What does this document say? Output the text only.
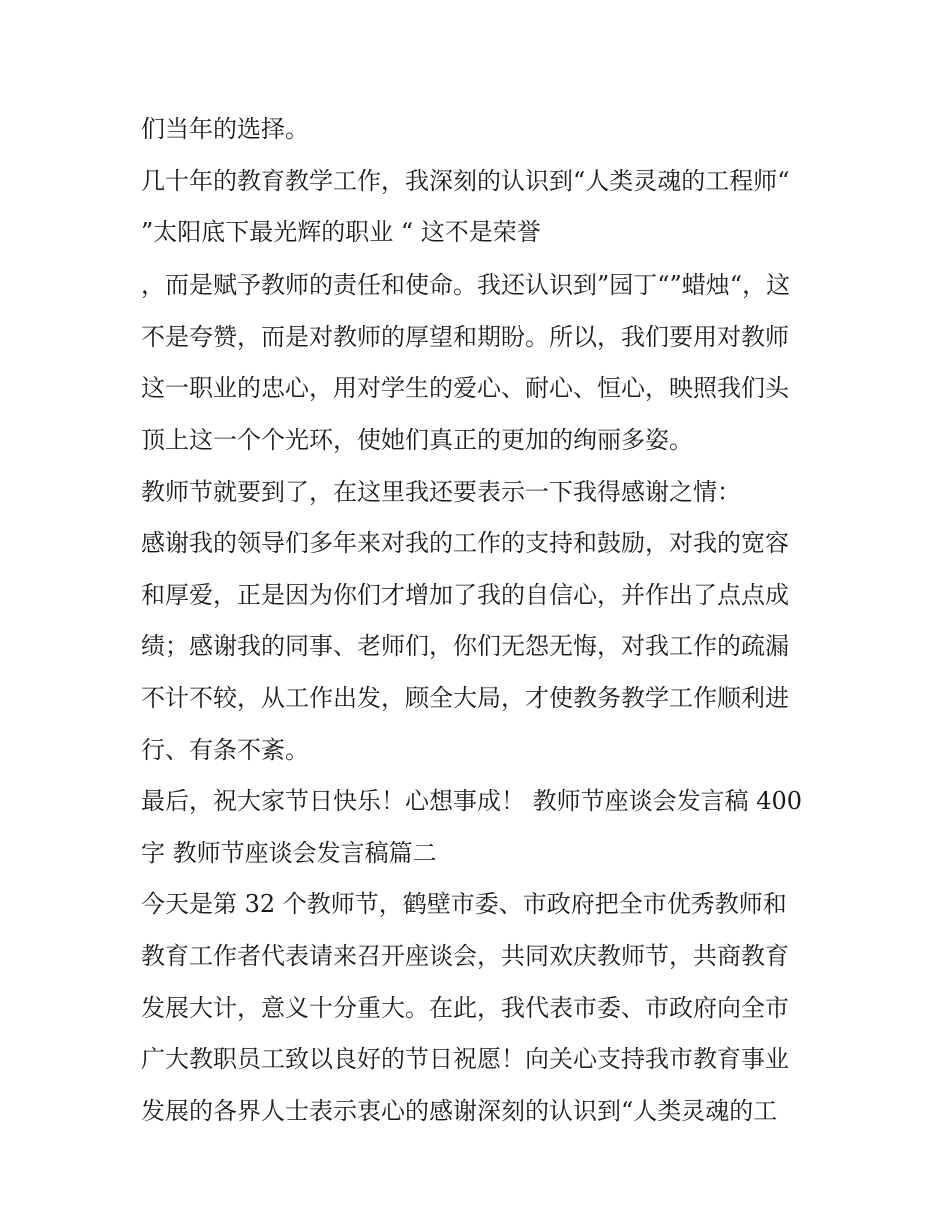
们当年的选择。
几十年的教育教学工作，我深刻的认识到“人类灵魂的工程师“
”太阳底下最光辉的职业 “ 这不是荣誉
，而是赋予教师的责任和使命。我还认识到”园丁“”蜡烛“，这
不是夸赞，而是对教师的厚望和期盼。所以，我们要用对教师
这一职业的忠心，用对学生的爱心、耐心、恒心，映照我们头
顶上这一个个光环，使她们真正的更加的绚丽多姿。
教师节就要到了，在这里我还要表示一下我得感谢之情：
感谢我的领导们多年来对我的工作的支持和鼓励，对我的宽容
和厚爱，正是因为你们才增加了我的自信心，并作出了点点成
绩；感谢我的同事、老师们，你们无怨无悔，对我工作的疏漏
不计不较，从工作出发，顾全大局，才使教务教学工作顺利进
行、有条不紊。
最后，祝大家节日快乐！心想事成！ 教师节座谈会发言稿 400
字 教师节座谈会发言稿篇二
今天是第 32 个教师节，鹤壁市委、市政府把全市优秀教师和
教育工作者代表请来召开座谈会，共同欢庆教师节，共商教育
发展大计，意义十分重大。在此，我代表市委、市政府向全市
广大教职员工致以良好的节日祝愿！向关心支持我市教育事业
发展的各界人士表示衷心的感谢深刻的认识到“人类灵魂的工
